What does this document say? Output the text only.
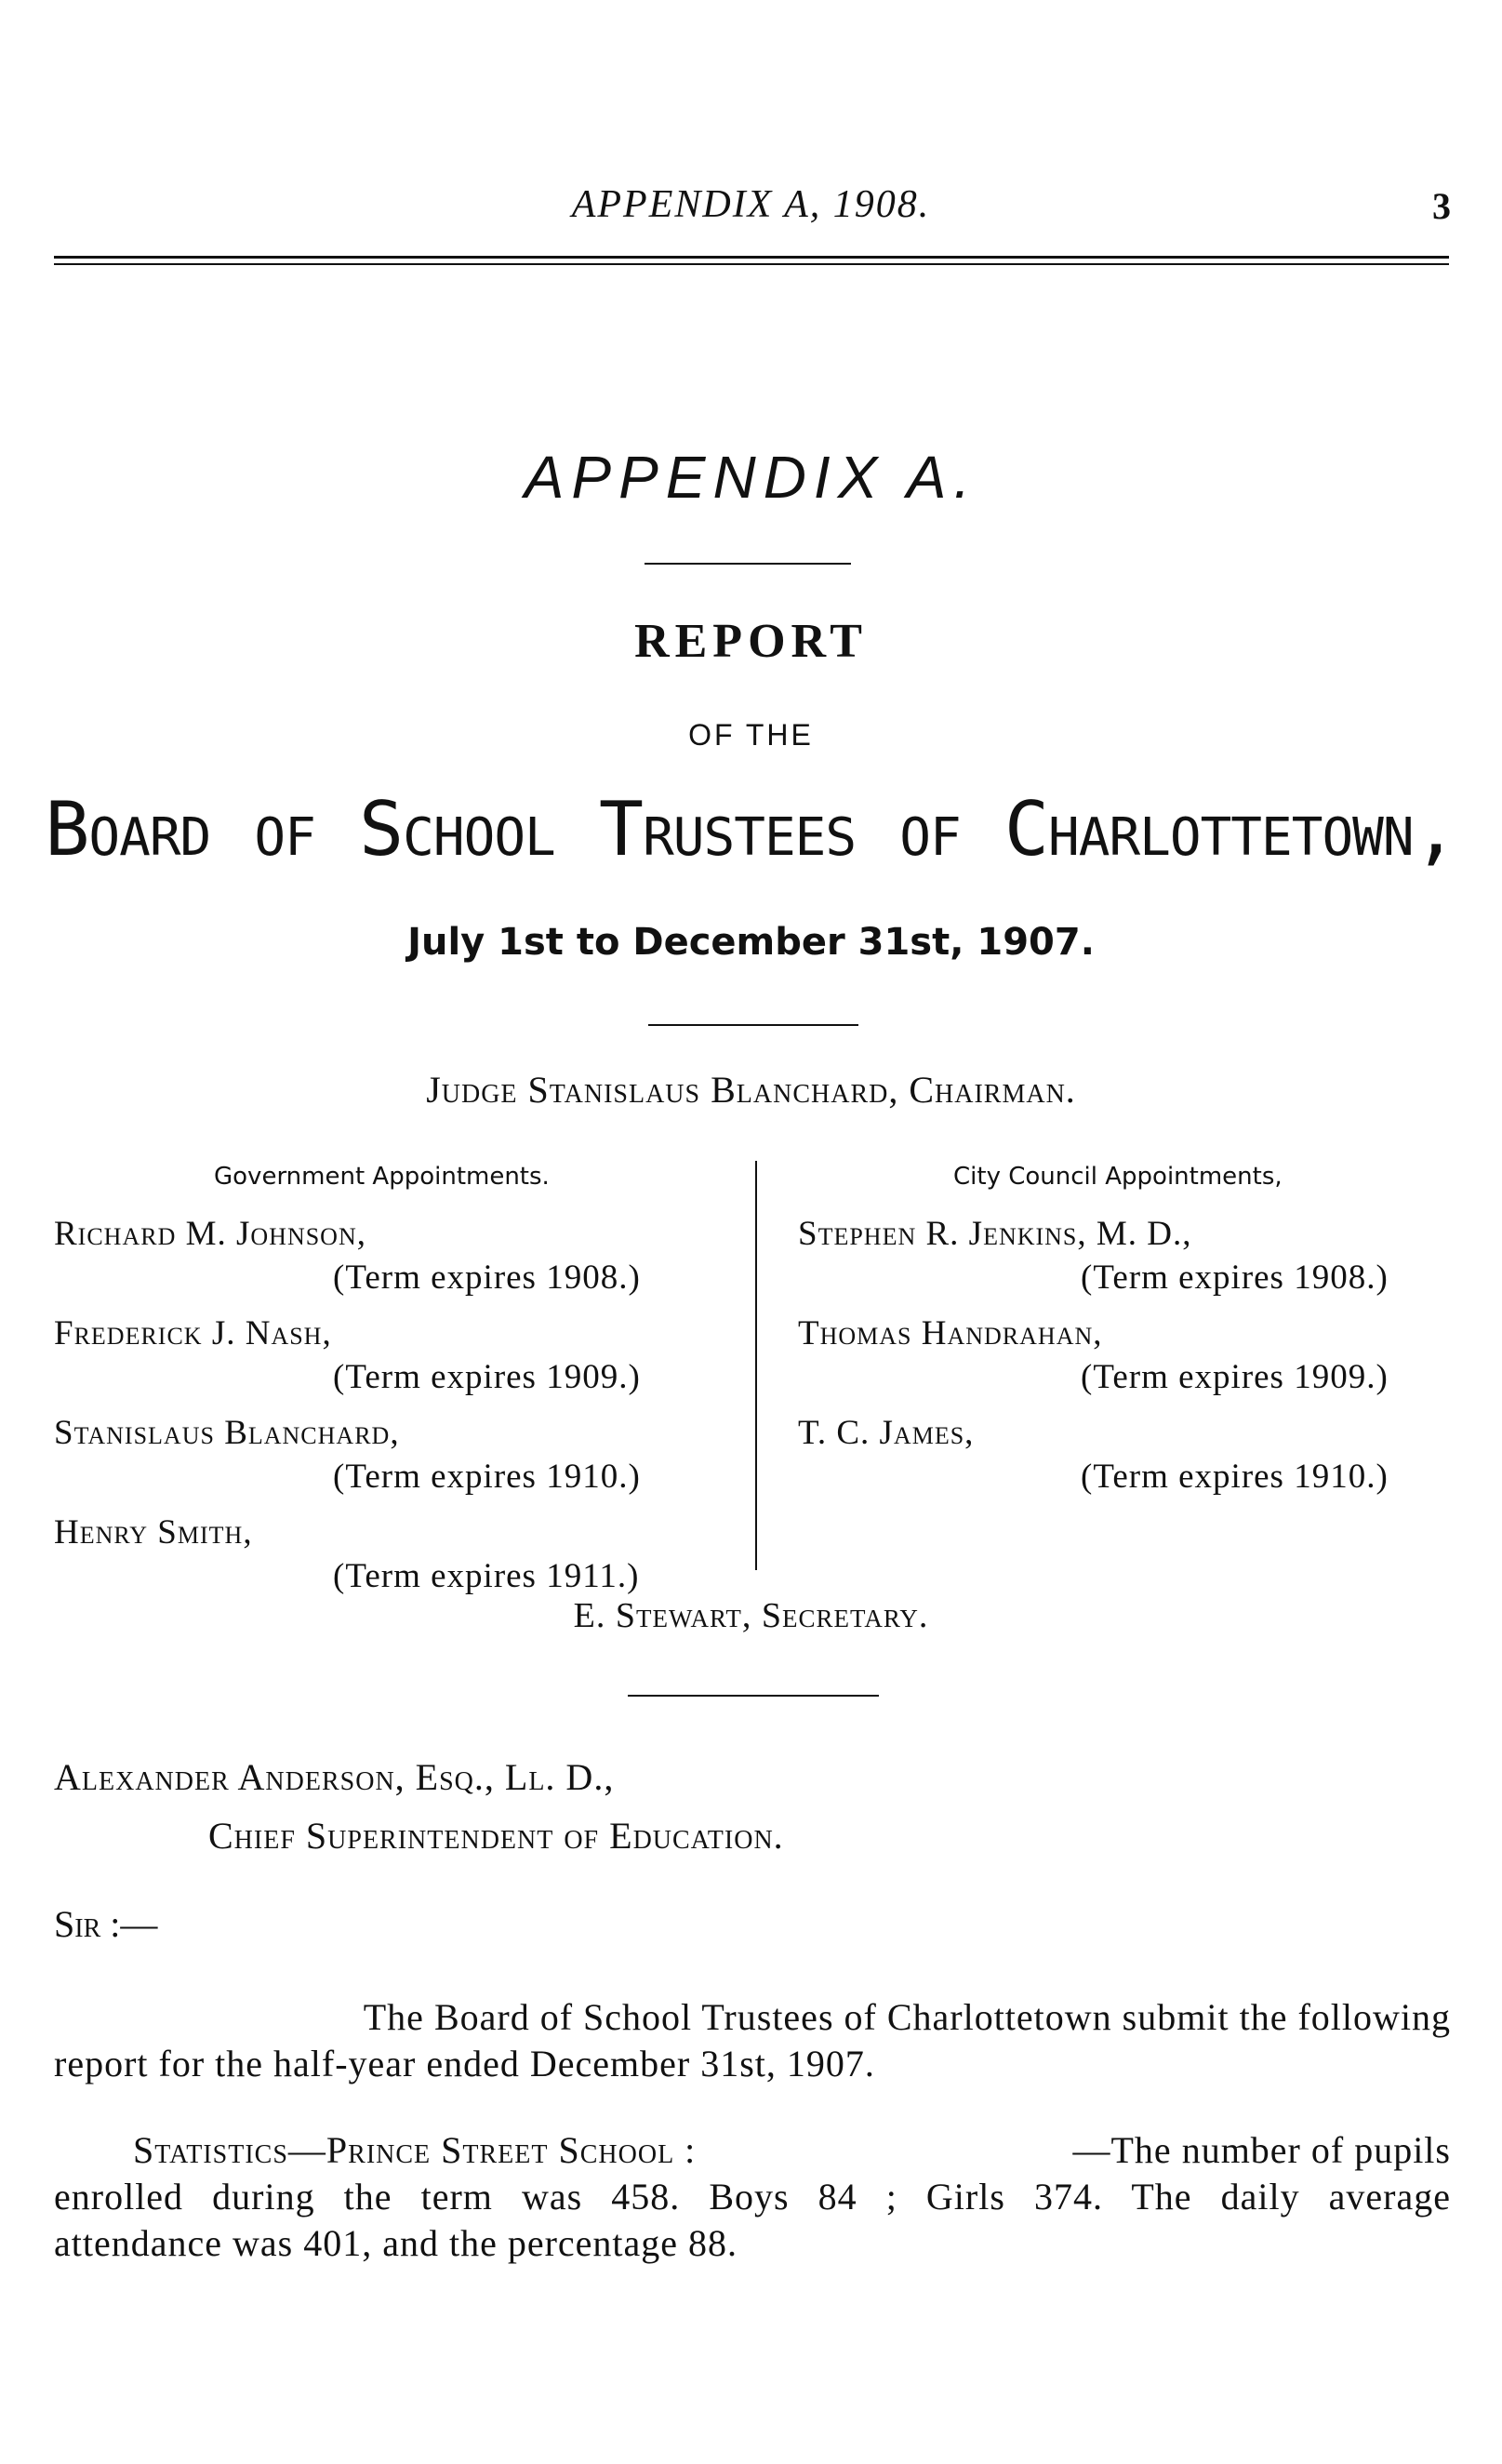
APPENDIX A, 1908.	3
APPENDIX A.
REPORT
OF THE
Board of School Trustees of Charlottetown,
July 1st to December 31st, 1907.
Judge Stanislaus Blanchard, Chairman.
Government Appointments.
Richard M. Johnson,
(Term expires 1908.)
Frederick J. Nash,
(Term expires 1909.)
Stanislaus Blanchard,
(Term expires 1910.)
Henry Smith,
(Term expires 1911.)
City Council Appointments,
Stephen R. Jenkins, M. D.,
(Term expires 1908.)
Thomas Handrahan,
(Term expires 1909.)
T. C. James,
(Term expires 1910.)
E. Stewart, Secretary.
Alexander Anderson, Esq., Ll. D.,
Chief Superintendent of Education.
Sir :—
The Board of School Trustees of Charlottetown submit the following
report for the half-year ended December 31st, 1907.
Statistics—Prince Street School :	—The number of pupils
enrolled during the term was 458. Boys 84 ; Girls 374. The daily average
attendance was 401, and the percentage 88.
